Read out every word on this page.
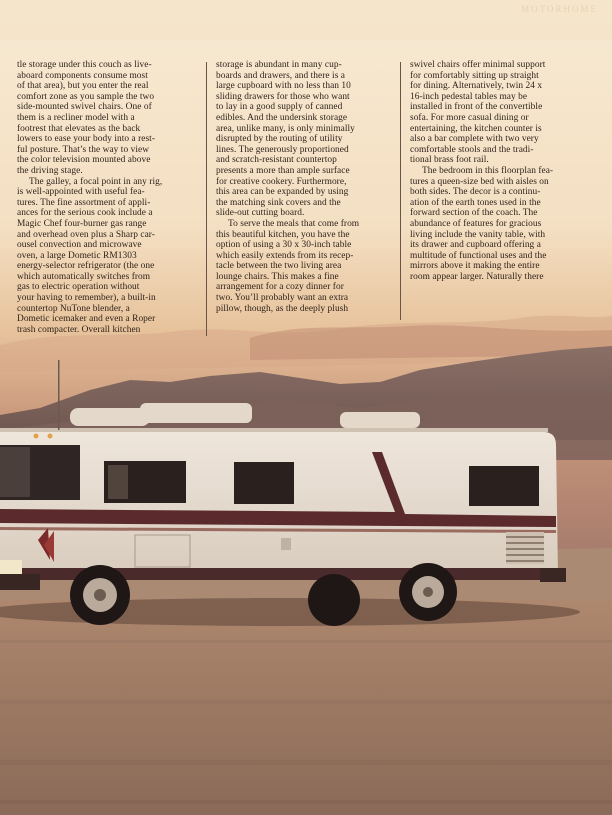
MOTORHOME
tle storage under this couch as live-
aboard components consume most
of that area), but you enter the real
comfort zone as you sample the two
side-mounted swivel chairs. One of
them is a recliner model with a
footrest that elevates as the back
lowers to ease your body into a rest-
ful posture. That’s the way to view
the color television mounted above
the driving stage.
The galley, a focal point in any rig,
is well-appointed with useful fea-
tures. The fine assortment of appli-
ances for the serious cook include a
Magic Chef four-burner gas range
and overhead oven plus a Sharp car-
ousel convection and microwave
oven, a large Dometic RM1303
energy-selector refrigerator (the one
which automatically switches from
gas to electric operation without
your having to remember), a built-in
countertop NuTone blender, a
Dometic icemaker and even a Roper
trash compacter. Overall kitchen
storage is abundant in many cup-
boards and drawers, and there is a
large cupboard with no less than 10
sliding drawers for those who want
to lay in a good supply of canned
edibles. And the undersink storage
area, unlike many, is only minimally
disrupted by the routing of utility
lines. The generously proportioned
and scratch-resistant countertop
presents a more than ample surface
for creative cookery. Furthermore,
this area can be expanded by using
the matching sink covers and the
slide-out cutting board.
To serve the meals that come from
this beautiful kitchen, you have the
option of using a 30 x 30-inch table
which easily extends from its recep-
tacle between the two living area
lounge chairs. This makes a fine
arrangement for a cozy dinner for
two. You’ll probably want an extra
pillow, though, as the deeply plush
swivel chairs offer minimal support
for comfortably sitting up straight
for dining. Alternatively, twin 24 x
16-inch pedestal tables may be
installed in front of the convertible
sofa. For more casual dining or
entertaining, the kitchen counter is
also a bar complete with two very
comfortable stools and the tradi-
tional brass foot rail.
The bedroom in this floorplan fea-
tures a queen-size bed with aisles on
both sides. The decor is a continu-
ation of the earth tones used in the
forward section of the coach. The
abundance of features for gracious
living include the vanity table, with
its drawer and cupboard offering a
multitude of functional uses and the
mirrors above it making the entire
room appear larger. Naturally there
